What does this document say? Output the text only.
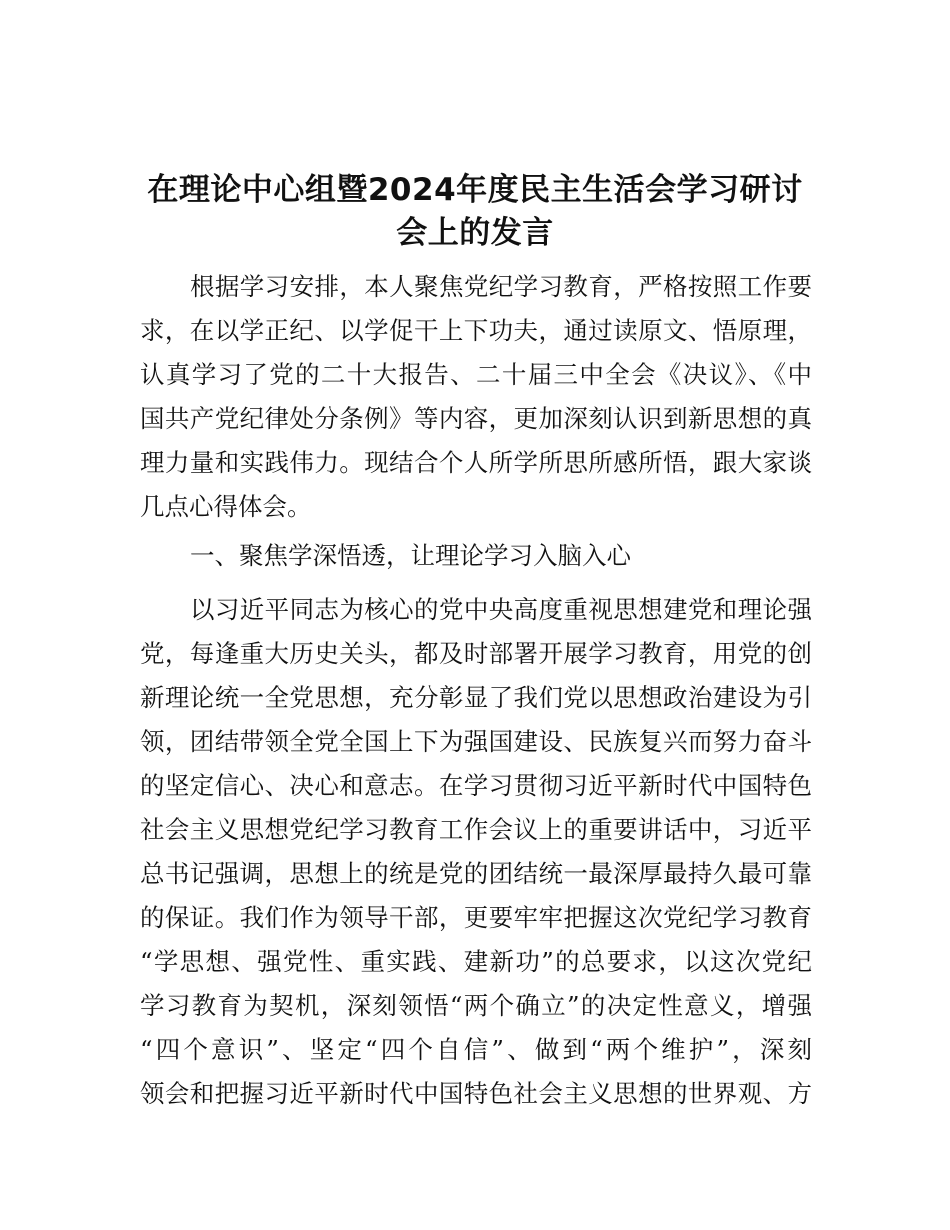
在理论中心组暨2024年度民主生活会学习研讨
会上的发言
根据学习安排，本人聚焦党纪学习教育，严格按照工作要
求，在以学正纪、以学促干上下功夫，通过读原文、悟原理，
认真学习了党的二十大报告、二十届三中全会《决议》、《中
国共产党纪律处分条例》等内容，更加深刻认识到新思想的真
理力量和实践伟力。现结合个人所学所思所感所悟，跟大家谈
几点心得体会。
一、聚焦学深悟透，让理论学习入脑入心
以习近平同志为核心的党中央高度重视思想建党和理论强
党，每逢重大历史关头，都及时部署开展学习教育，用党的创
新理论统一全党思想，充分彰显了我们党以思想政治建设为引
领，团结带领全党全国上下为强国建设、民族复兴而努力奋斗
的坚定信心、决心和意志。在学习贯彻习近平新时代中国特色
社会主义思想党纪学习教育工作会议上的重要讲话中，习近平
总书记强调，思想上的统是党的团结统一最深厚最持久最可靠
的保证。我们作为领导干部，更要牢牢把握这次党纪学习教育
“学思想、强党性、重实践、建新功”的总要求，以这次党纪
学习教育为契机，深刻领悟“两个确立”的决定性意义，增强
“四个意识”、坚定“四个自信”、做到“两个维护”，深刻
领会和把握习近平新时代中国特色社会主义思想的世界观、方
